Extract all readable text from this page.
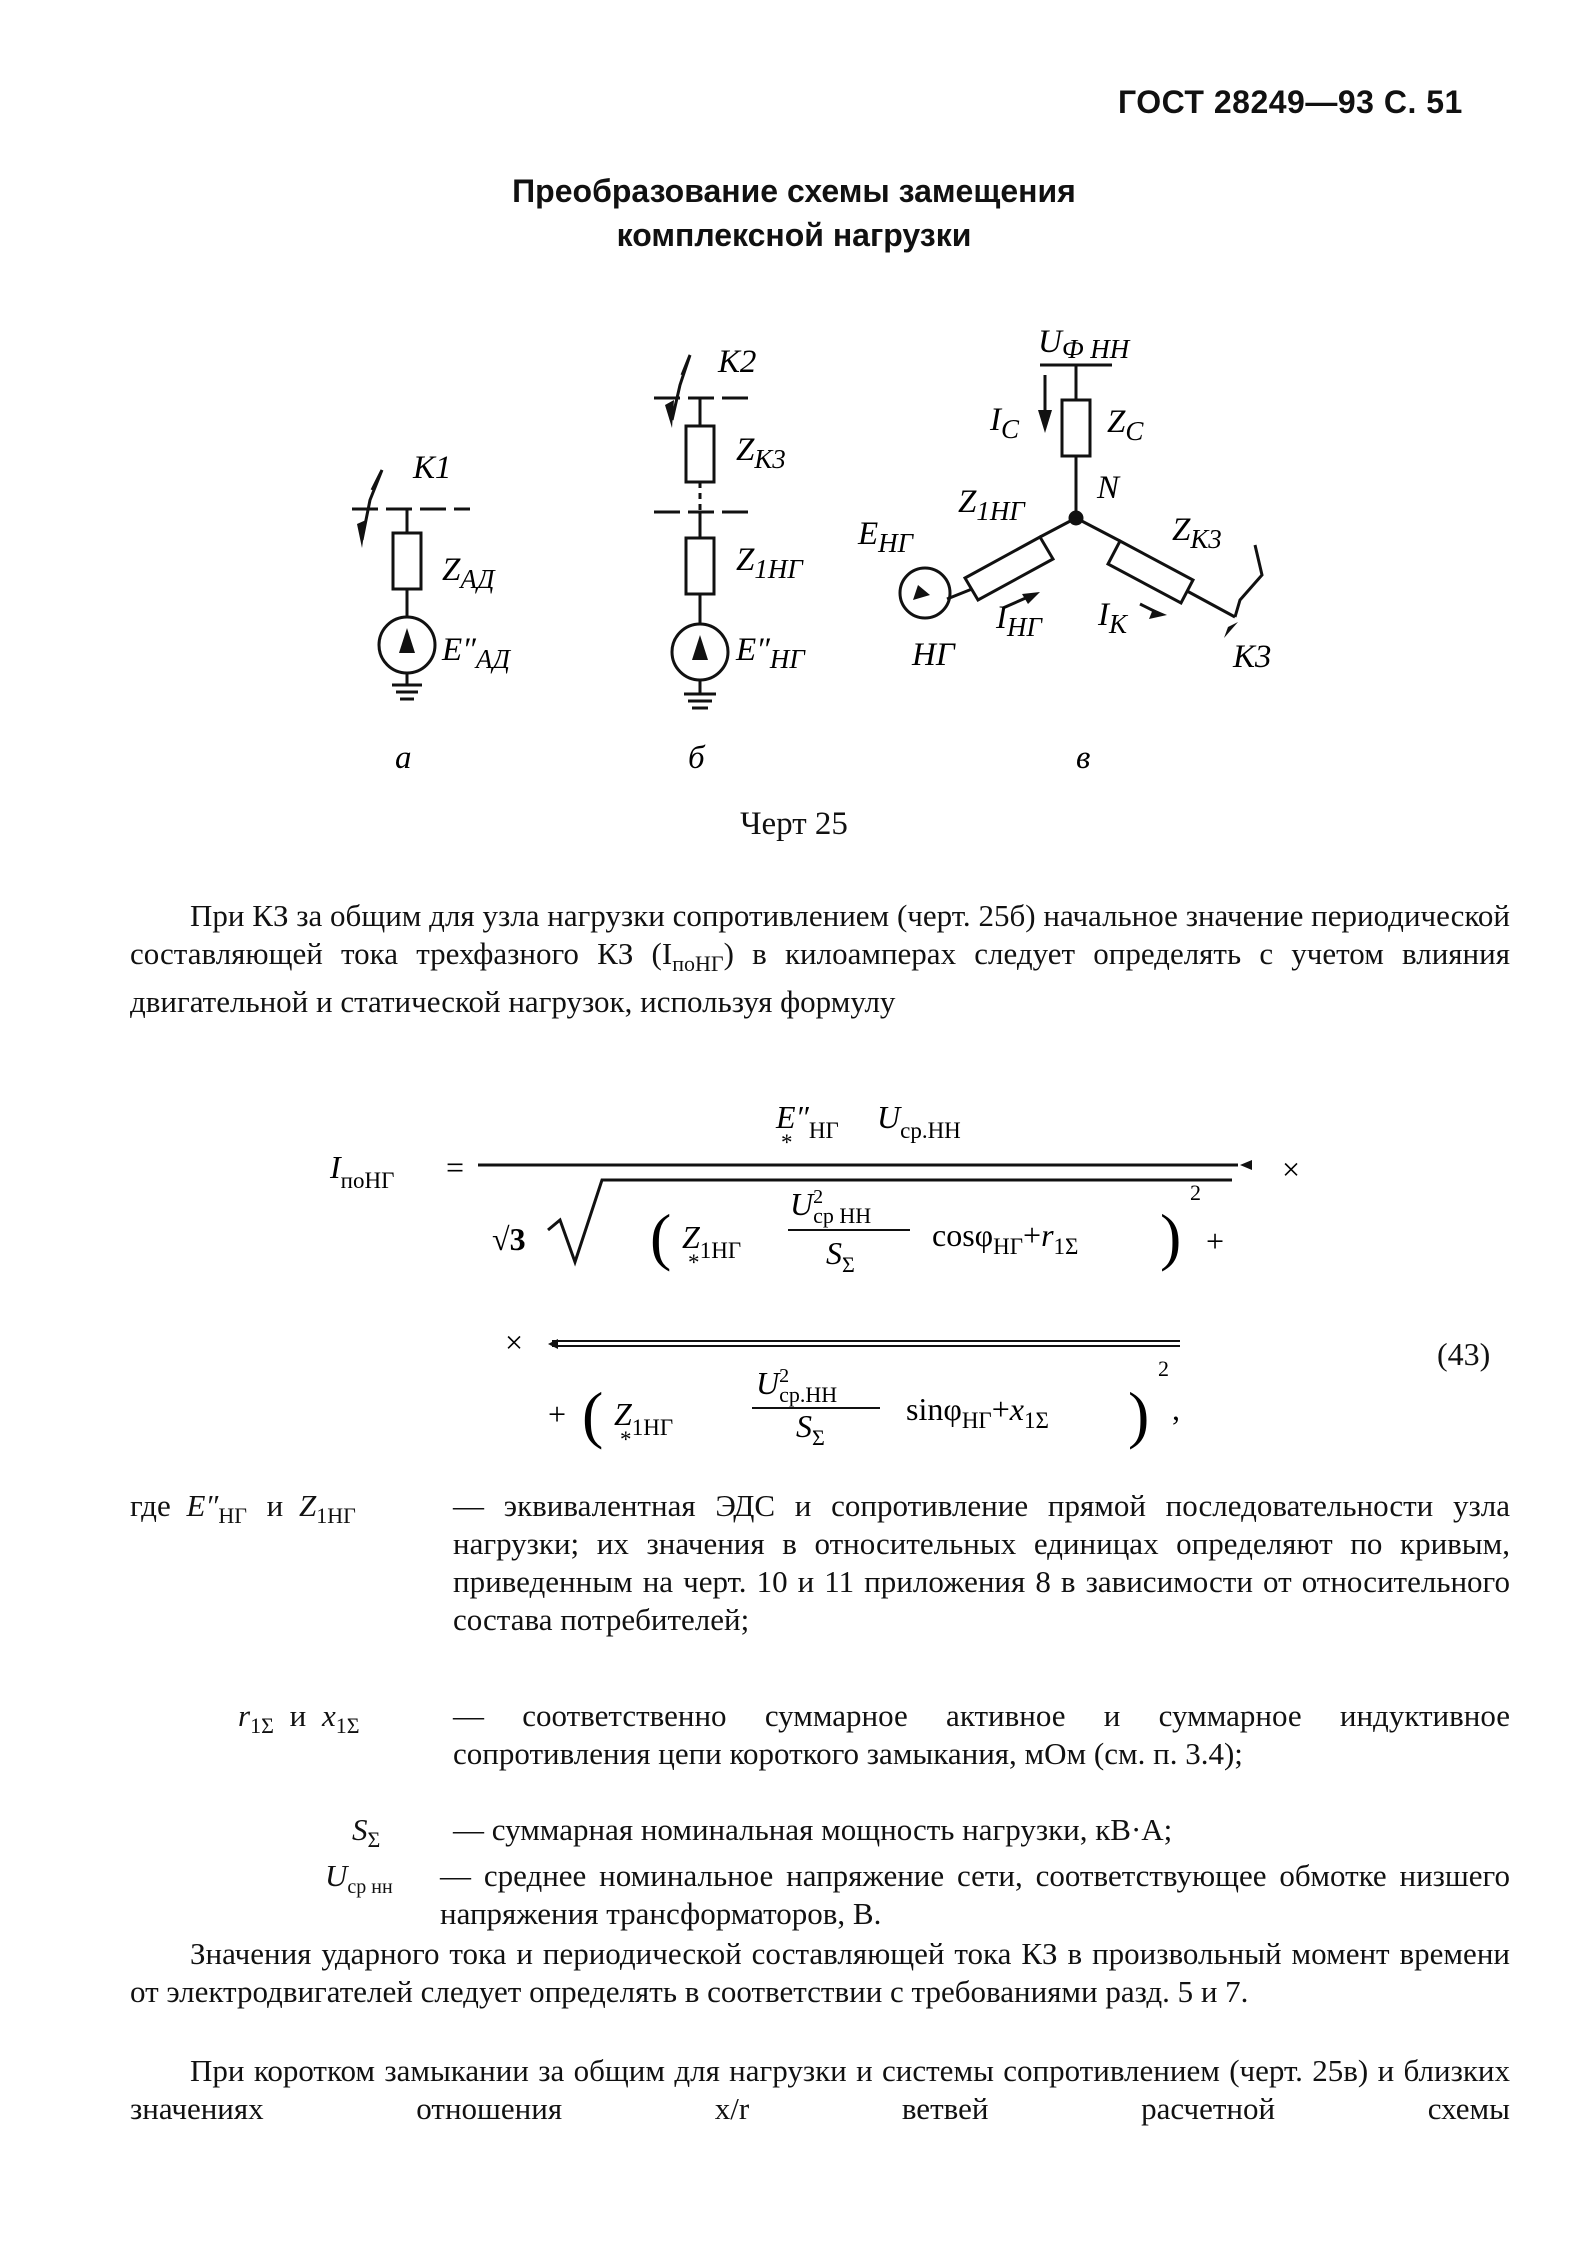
ГОСТ 28249—93 С. 51
Преобразование схемы замещения
комплексной нагрузки
К1
$Z_{АД}$
$E''_{АД}$
К2
$Z_{К3}$
$Z_{1НГ}$
$E''_{НГ}$
UФ НН
$I_С$	$Z_С$
N
$Z_{1НГ}$
$E_{НГ}$	$Z_{К3}$
$I_{НГ}$ $I_К$
НГ	К3
а	б	в
Черт 25
При КЗ за общим для узла нагрузки сопротивлением (черт. 25б) начальное значение периодической составляющей тока трехфазного КЗ $(I_{поНГ})$ в килоамперах следует определять с учетом влияния двигательной и статической нагрузок, используя формулу
$I_{поНГ}$ =
$E''_{НГ}$
*
$U_{ср.НН}$
×
√3 ( $Z_{1НГ}$
*
$U^2$ ср НН
$S_\Sigma$
$\cos\varphi_{НГ}+r_{1\Sigma}$ )
2
+
×
+ ( $Z_{1НГ}$
*
$U^2$ ср.НН
$S_\Sigma$
$\sin\varphi_{НГ}+x_{1\Sigma}$ )
2
,
(43)
где $E''_{НГ}$ и $Z_{1НГ}$	— эквивалентная ЭДС и сопротивление прямой последовательности узла нагрузки; их значения в относительных единицах определяют по кривым, приведенным на черт. 10 и 11 приложения 8 в зависимости от относительного состава потребителей;
$r_{1\Sigma}$ и $x_{1\Sigma}$	— соответственно суммарное активное и суммарное индуктивное сопротивления цепи короткого замыкания, мОм (см. п. 3.4);
$S_\Sigma$ — суммарная номинальная мощность нагрузки, кВ·А;
$U_{ср нн}$ — среднее номинальное напряжение сети, соответствующее обмотке низшего напряжения трансформаторов, В.
Значения ударного тока и периодической составляющей тока КЗ в произвольный момент времени от электродвигателей следует определять в соответствии с требованиями разд. 5 и 7.
При коротком замыкании за общим для нагрузки и системы сопротивлением (черт. 25в) и близких значениях отношения x/r ветвей расчетной схемы
